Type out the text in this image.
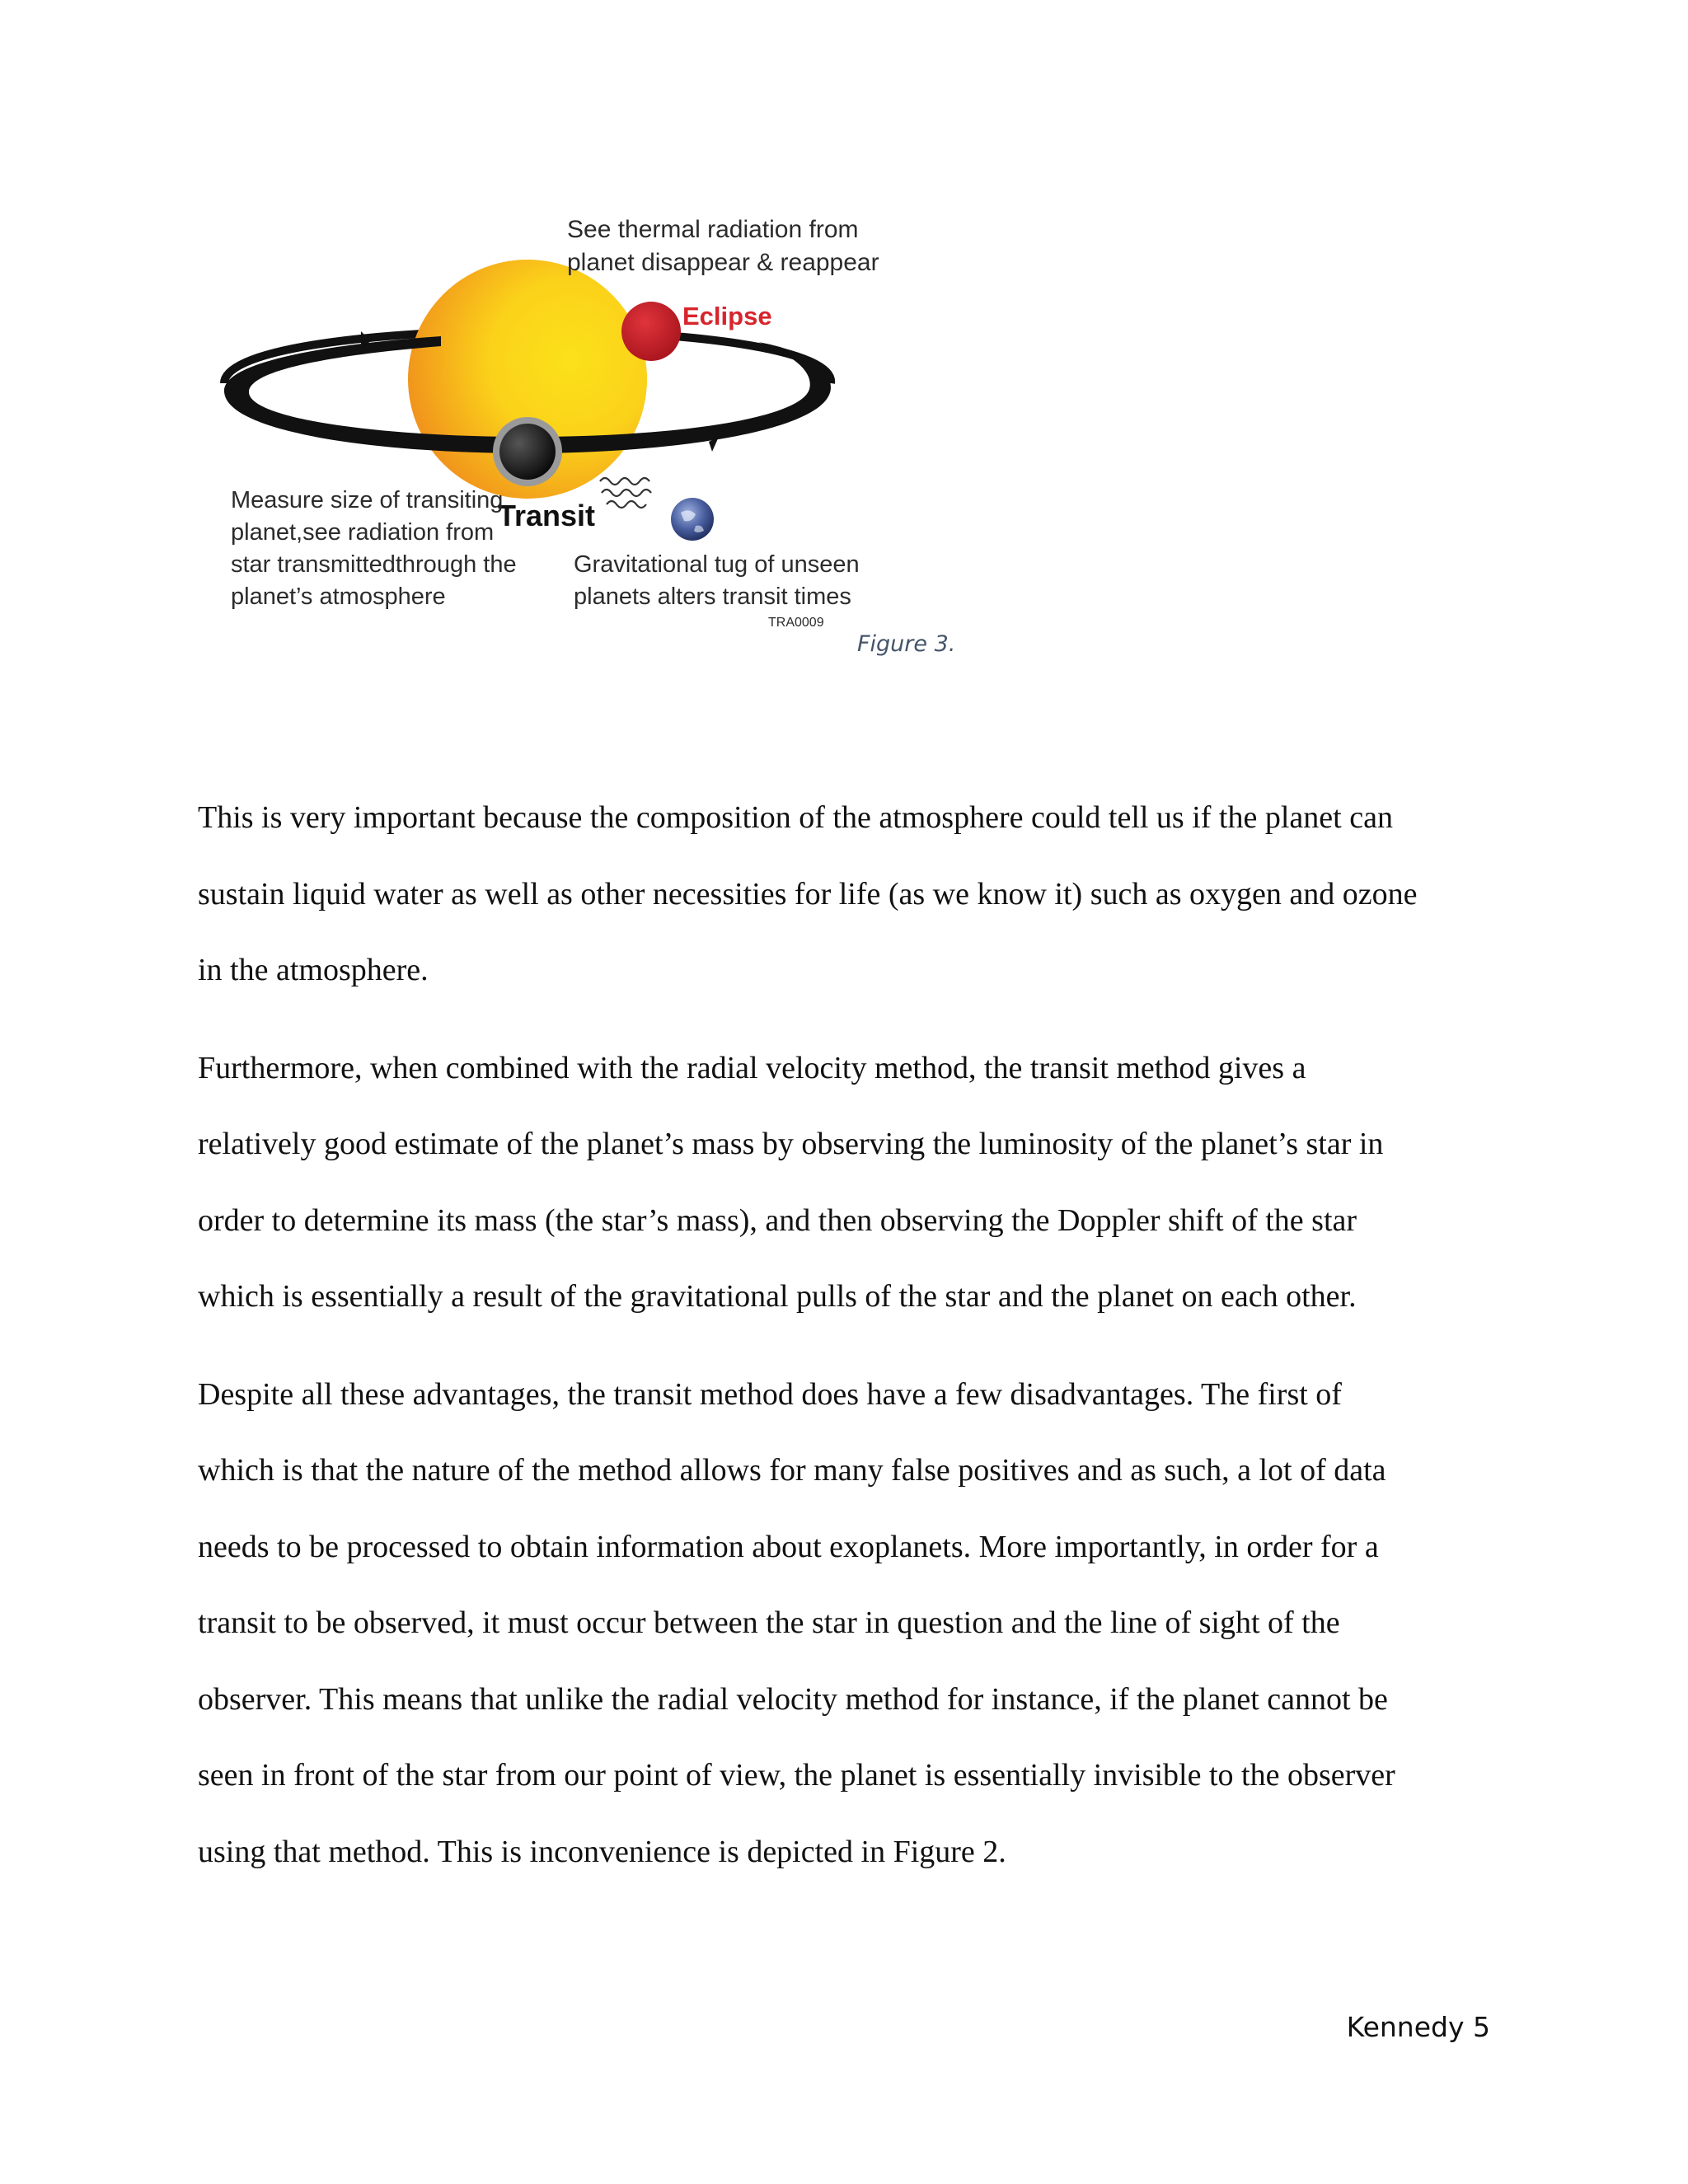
See thermal radiation from
planet disappear & reappear
Eclipse
Transit
Measure size of transiting
planet,see radiation from
star transmittedthrough the
planet’s atmosphere
Gravitational tug of unseen
planets alters transit times
TRA0009
Figure 3.

This is very important because the composition of the atmosphere could tell us if the planet can
sustain liquid water as well as other necessities for life (as we know it) such as oxygen and ozone
in the atmosphere.

Furthermore, when combined with the radial velocity method, the transit method gives a
relatively good estimate of the planet’s mass by observing the luminosity of the planet’s star in
order to determine its mass (the star’s mass), and then observing the Doppler shift of the star
which is essentially a result of the gravitational pulls of the star and the planet on each other.

Despite all these advantages, the transit method does have a few disadvantages. The first of
which is that the nature of the method allows for many false positives and as such, a lot of data
needs to be processed to obtain information about exoplanets. More importantly, in order for a
transit to be observed, it must occur between the star in question and the line of sight of the
observer. This means that unlike the radial velocity method for instance, if the planet cannot be
seen in front of the star from our point of view, the planet is essentially invisible to the observer
using that method. This is inconvenience is depicted in Figure 2.

Kennedy 5
